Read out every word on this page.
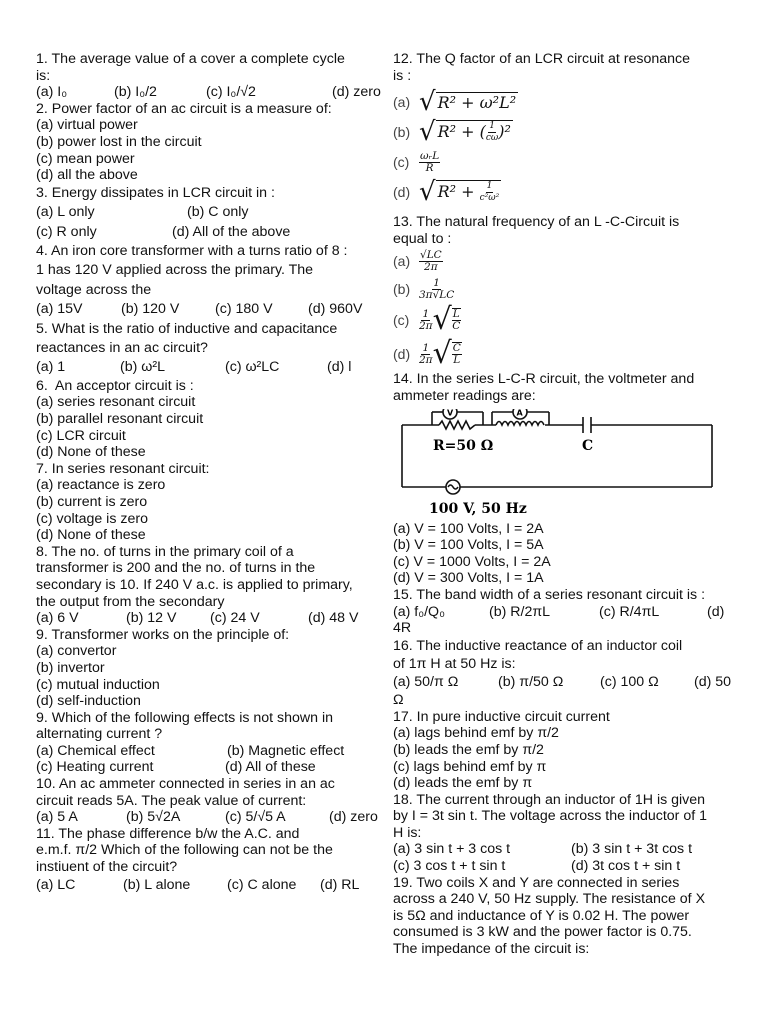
1. The average value of a cover a complete cycle
is:
(a) I₀	(b) I₀/2	(c) I₀/√2	(d) zero
2. Power factor of an ac circuit is a measure of:
(a) virtual power
(b) power lost in the circuit
(c) mean power
(d) all the above
3. Energy dissipates in LCR circuit in :
(a) L only	(b) C only
(c) R only	(d) All of the above
4. An iron core transformer with a turns ratio of 8 :
1 has 120 V applied across the primary. The
voltage across the
(a) 15V	(b) 120 V	(c) 180 V	(d) 960V
5. What is the ratio of inductive and capacitance
reactances in an ac circuit?
(a) 1	(b) ω²L	(c) ω²LC	(d) l
6.  An acceptor circuit is :
(a) series resonant circuit
(b) parallel resonant circuit
(c) LCR circuit
(d) None of these
7. In series resonant circuit:
(a) reactance is zero
(b) current is zero
(c) voltage is zero
(d) None of these
8. The no. of turns in the primary coil of a
transformer is 200 and the no. of turns in the
secondary is 10. If 240 V a.c. is applied to primary,
the output from the secondary
(a) 6 V	(b) 12 V	(c) 24 V	(d) 48 V
9. Transformer works on the principle of:
(a) convertor
(b) invertor
(c) mutual induction
(d) self-induction
9. Which of the following effects is not shown in
alternating current ?
(a) Chemical effect	(b) Magnetic effect
(c) Heating current	(d) All of these
10. An ac ammeter connected in series in an ac
circuit reads 5A. The peak value of current:
(a) 5 A	(b) 5√2A	(c) 5/√5 A	(d) zero
11. The phase difference b/w the A.C. and
e.m.f. π/2 Which of the following can not be the
instiuent of the circuit?
(a) LC	(b) L alone	(c) C alone	(d) RL
12. The Q factor of an LCR circuit at resonance
is :
(a) √ R² + ω²L²
(b) √ R² + ( $\frac{1}{c\omega} )^2$
$(c) \frac{\text{ωᵣL}}{R}$
(d) √ $R^2 + \frac{1}{\text{c²ω²}}$
13. The natural frequency of an L -C-Circuit is
equal to :
$(a) \frac{√LC}{2\pi}$
$(b) \frac{1}{3\pi√LC}$
$(c) \frac{1}{2\pi}$ √ $\frac{L}{C}$
$(d) \frac{1}{2\pi}$ √ $\frac{C}{L}$
14. In the series L-C-R circuit, the voltmeter and
ammeter readings are:
V	A
R=50 Ω	C
100 V, 50 Hz
(a) V = 100 Volts, I = 2A
(b) V = 100 Volts, I = 5A
(c) V = 1000 Volts, I = 2A
(d) V = 300 Volts, I = 1A
15. The band width of a series resonant circuit is :
(a) f₀/Q₀	(b) R/2πL	(c) R/4πL	(d)
4R
16. The inductive reactance of an inductor coil
of 1π H at 50 Hz is:
(a) 50/π Ω	(b) π/50 Ω	(c) 100 Ω	(d) 50
Ω
17. In pure inductive circuit current
(a) lags behind emf by π/2
(b) leads the emf by π/2
(c) lags behind emf by π
(d) leads the emf by π
18. The current through an inductor of 1H is given
by I = 3t sin t. The voltage across the inductor of 1
H is:
(a) 3 sin t + 3 cos t	(b) 3 sin t + 3t cos t
(c) 3 cos t + t sin t	(d) 3t cos t + sin t
19. Two coils X and Y are connected in series
across a 240 V, 50 Hz supply. The resistance of X
is 5Ω and inductance of Y is 0.02 H. The power
consumed is 3 kW and the power factor is 0.75.
The impedance of the circuit is:
